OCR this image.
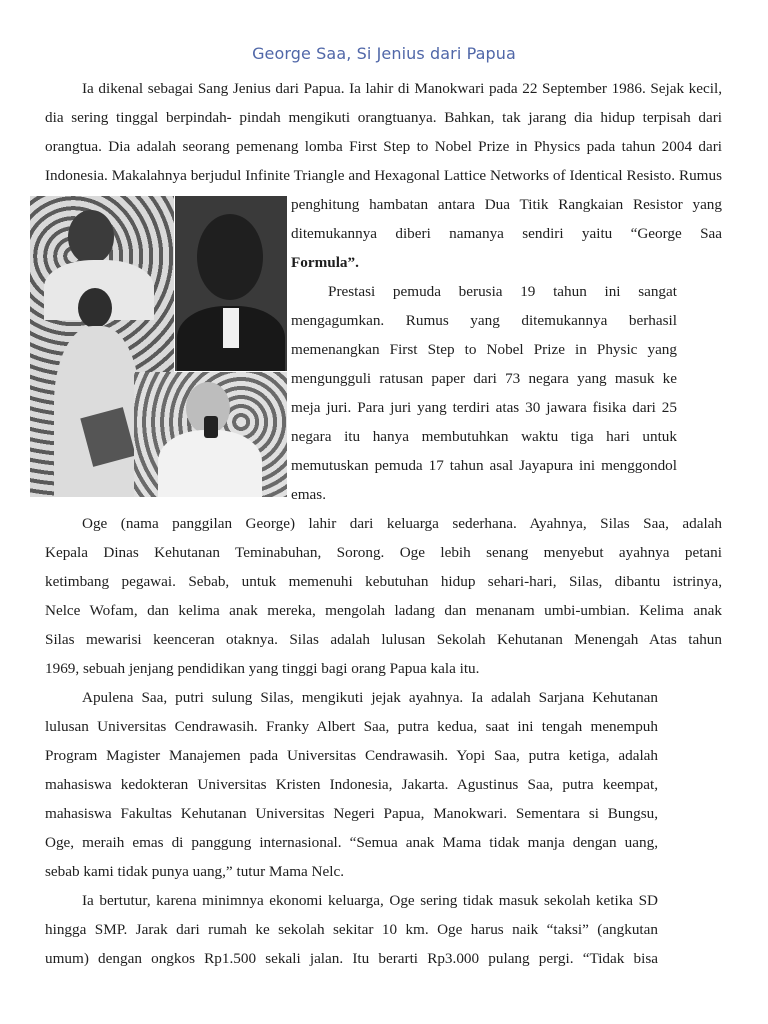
George Saa, Si Jenius dari Papua

Ia dikenal sebagai Sang Jenius dari Papua. Ia lahir di Manokwari pada 22 September 1986. Sejak kecil,

dia sering tinggal berpindah- pindah mengikuti orangtuanya. Bahkan, tak jarang dia hidup terpisah dari

orangtua. Dia adalah seorang pemenang lomba First Step to Nobel Prize in Physics pada tahun 2004 dari

Indonesia. Makalahnya berjudul Infinite Triangle and Hexagonal Lattice Networks of Identical Resisto. Rumus

penghitung hambatan antara Dua Titik Rangkaian Resistor yang

ditemukannya diberi namanya sendiri yaitu “George Saa

Formula”.

Prestasi pemuda berusia 19 tahun ini sangat

mengagumkan. Rumus yang ditemukannya berhasil

memenangkan First Step to Nobel Prize in Physic yang

mengungguli ratusan paper dari 73 negara yang masuk ke

meja juri. Para juri yang terdiri atas 30 jawara fisika dari 25

negara itu hanya membutuhkan waktu tiga hari untuk

memutuskan pemuda 17 tahun asal Jayapura ini menggondol

emas.

Oge (nama panggilan George) lahir dari keluarga sederhana. Ayahnya, Silas Saa, adalah

Kepala Dinas Kehutanan Teminabuhan, Sorong. Oge lebih senang menyebut ayahnya petani

ketimbang pegawai. Sebab, untuk memenuhi kebutuhan hidup sehari-hari, Silas, dibantu istrinya,

Nelce Wofam, dan kelima anak mereka, mengolah ladang dan menanam umbi-umbian. Kelima anak

Silas mewarisi keenceran otaknya. Silas adalah lulusan Sekolah Kehutanan Menengah Atas tahun

1969, sebuah jenjang pendidikan yang tinggi bagi orang Papua kala itu.

Apulena Saa, putri sulung Silas, mengikuti jejak ayahnya. Ia adalah Sarjana Kehutanan

lulusan Universitas Cendrawasih. Franky Albert Saa, putra kedua, saat ini tengah menempuh

Program Magister Manajemen pada Universitas Cendrawasih. Yopi Saa, putra ketiga, adalah

mahasiswa kedokteran Universitas Kristen Indonesia, Jakarta. Agustinus Saa, putra keempat,

mahasiswa Fakultas Kehutanan Universitas Negeri Papua, Manokwari. Sementara si Bungsu,

Oge, meraih emas di panggung internasional. “Semua anak Mama tidak manja dengan uang,

sebab kami tidak punya uang,” tutur Mama Nelc.

Ia bertutur, karena minimnya ekonomi keluarga, Oge sering tidak masuk sekolah ketika SD

hingga SMP. Jarak dari rumah ke sekolah sekitar 10 km. Oge harus naik “taksi” (angkutan

umum) dengan ongkos Rp1.500 sekali jalan. Itu berarti Rp3.000 pulang pergi. “Tidak bisa
